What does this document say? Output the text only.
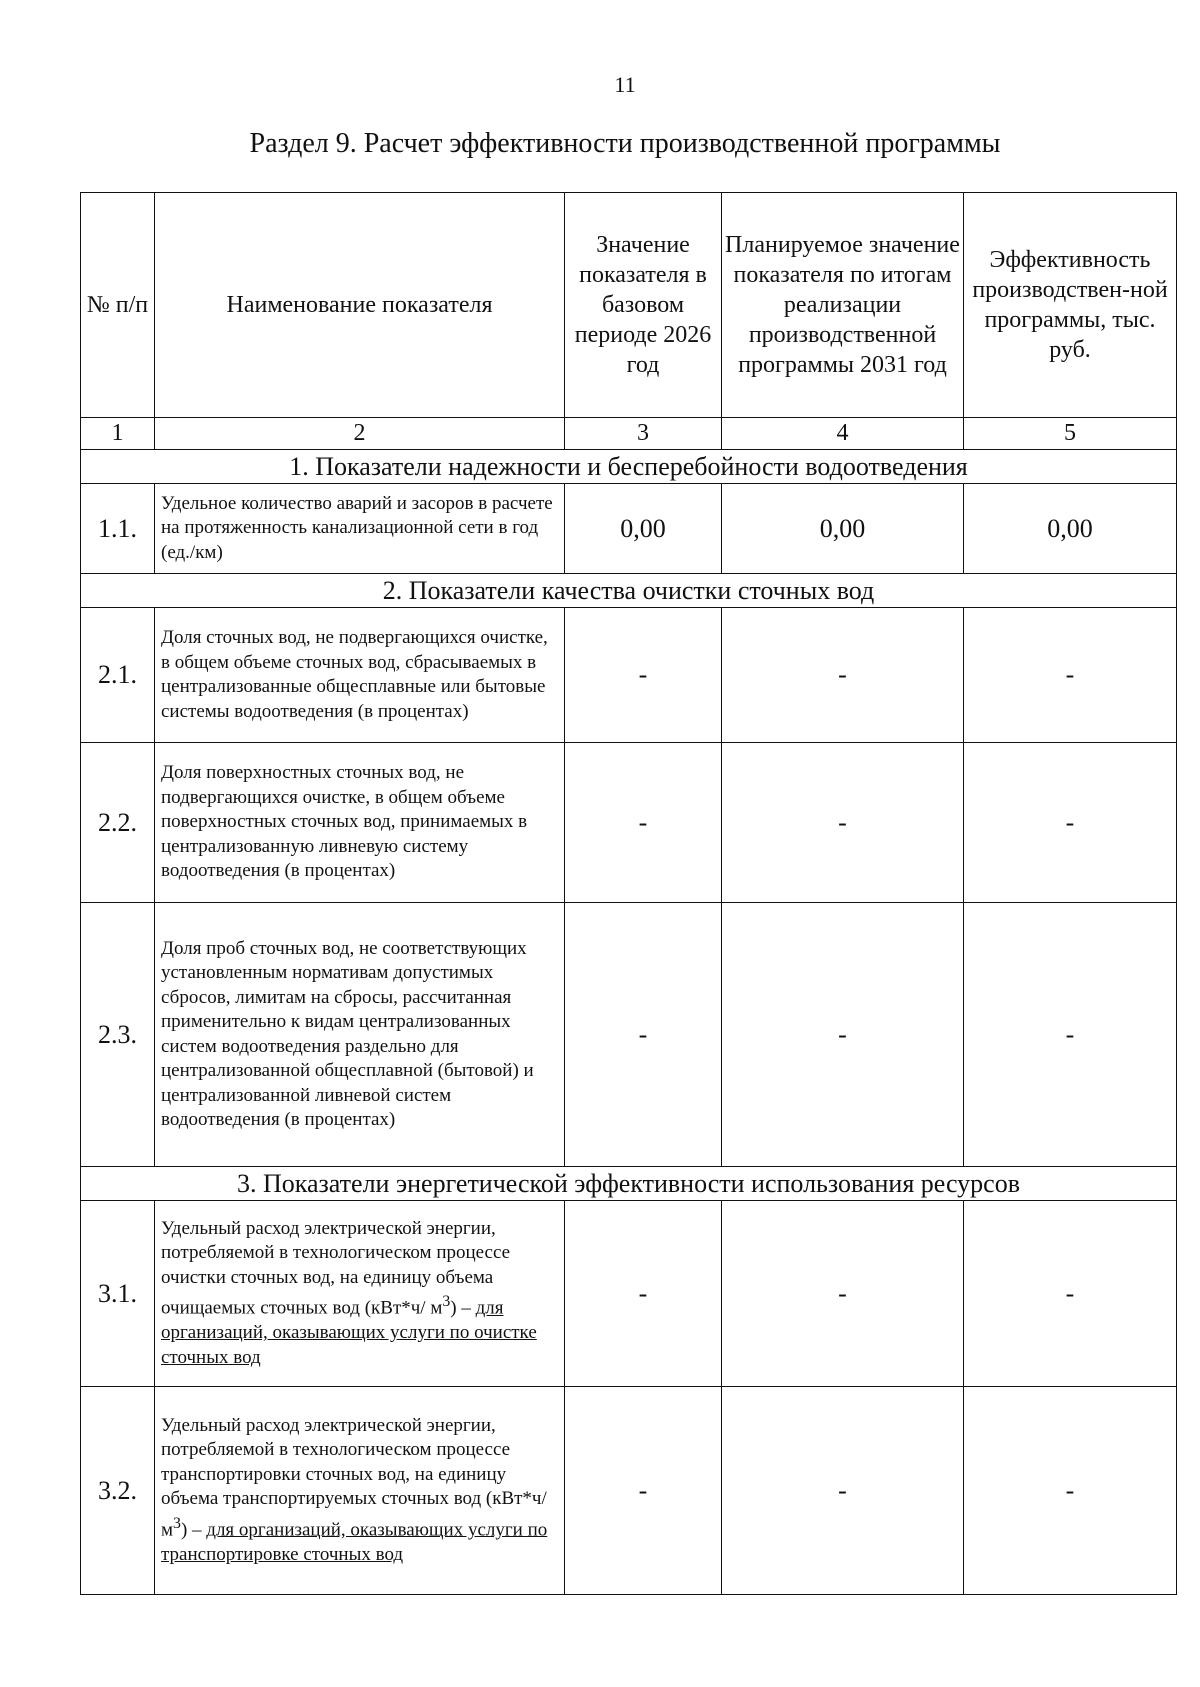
11
Раздел 9. Расчет эффективности производственной программы
№ п/п	Наименование показателя	Значение показателя в базовом периоде 2026 год	Планируемое значение показателя по итогам реализации производственной программы 2031 год	Эффективность производствен-ной программы, тыс. руб.
1	2	3	4	5
1. Показатели надежности и бесперебойности водоотведения				
1.1.	Удельное количество аварий и засоров в расчете на протяженность канализационной сети в год (ед./км)	0,00	0,00	0,00
2. Показатели качества очистки сточных вод				
2.1.	Доля сточных вод, не подвергающихся очистке, в общем объеме сточных вод, сбрасываемых в централизованные общесплавные или бытовые системы водоотведения (в процентах)	-	-	-
2.2.	Доля поверхностных сточных вод, не подвергающихся очистке, в общем объеме поверхностных сточных вод, принимаемых в централизованную ливневую систему водоотведения (в процентах)	-	-	-
2.3.	Доля проб сточных вод, не соответствующих установленным нормативам допустимых сбросов, лимитам на сбросы, рассчитанная применительно к видам централизованных систем водоотведения раздельно для централизованной общесплавной (бытовой) и централизованной ливневой систем водоотведения (в процентах)	-	-	-
3. Показатели энергетической эффективности использования ресурсов				
3.1.	Удельный расход электрической энергии, потребляемой в технологическом процессе очистки сточных вод, на единицу объема очищаемых сточных вод (кВт*ч/ $м^3$) – для организаций, оказывающих услуги по очистке сточных вод	-	-	-
3.2.	Удельный расход электрической энергии, потребляемой в технологическом процессе транспортировки сточных вод, на единицу объема транспортируемых сточных вод (кВт*ч/ $м^3$) – для организаций, оказывающих услуги по транспортировке сточных вод	-	-	-
